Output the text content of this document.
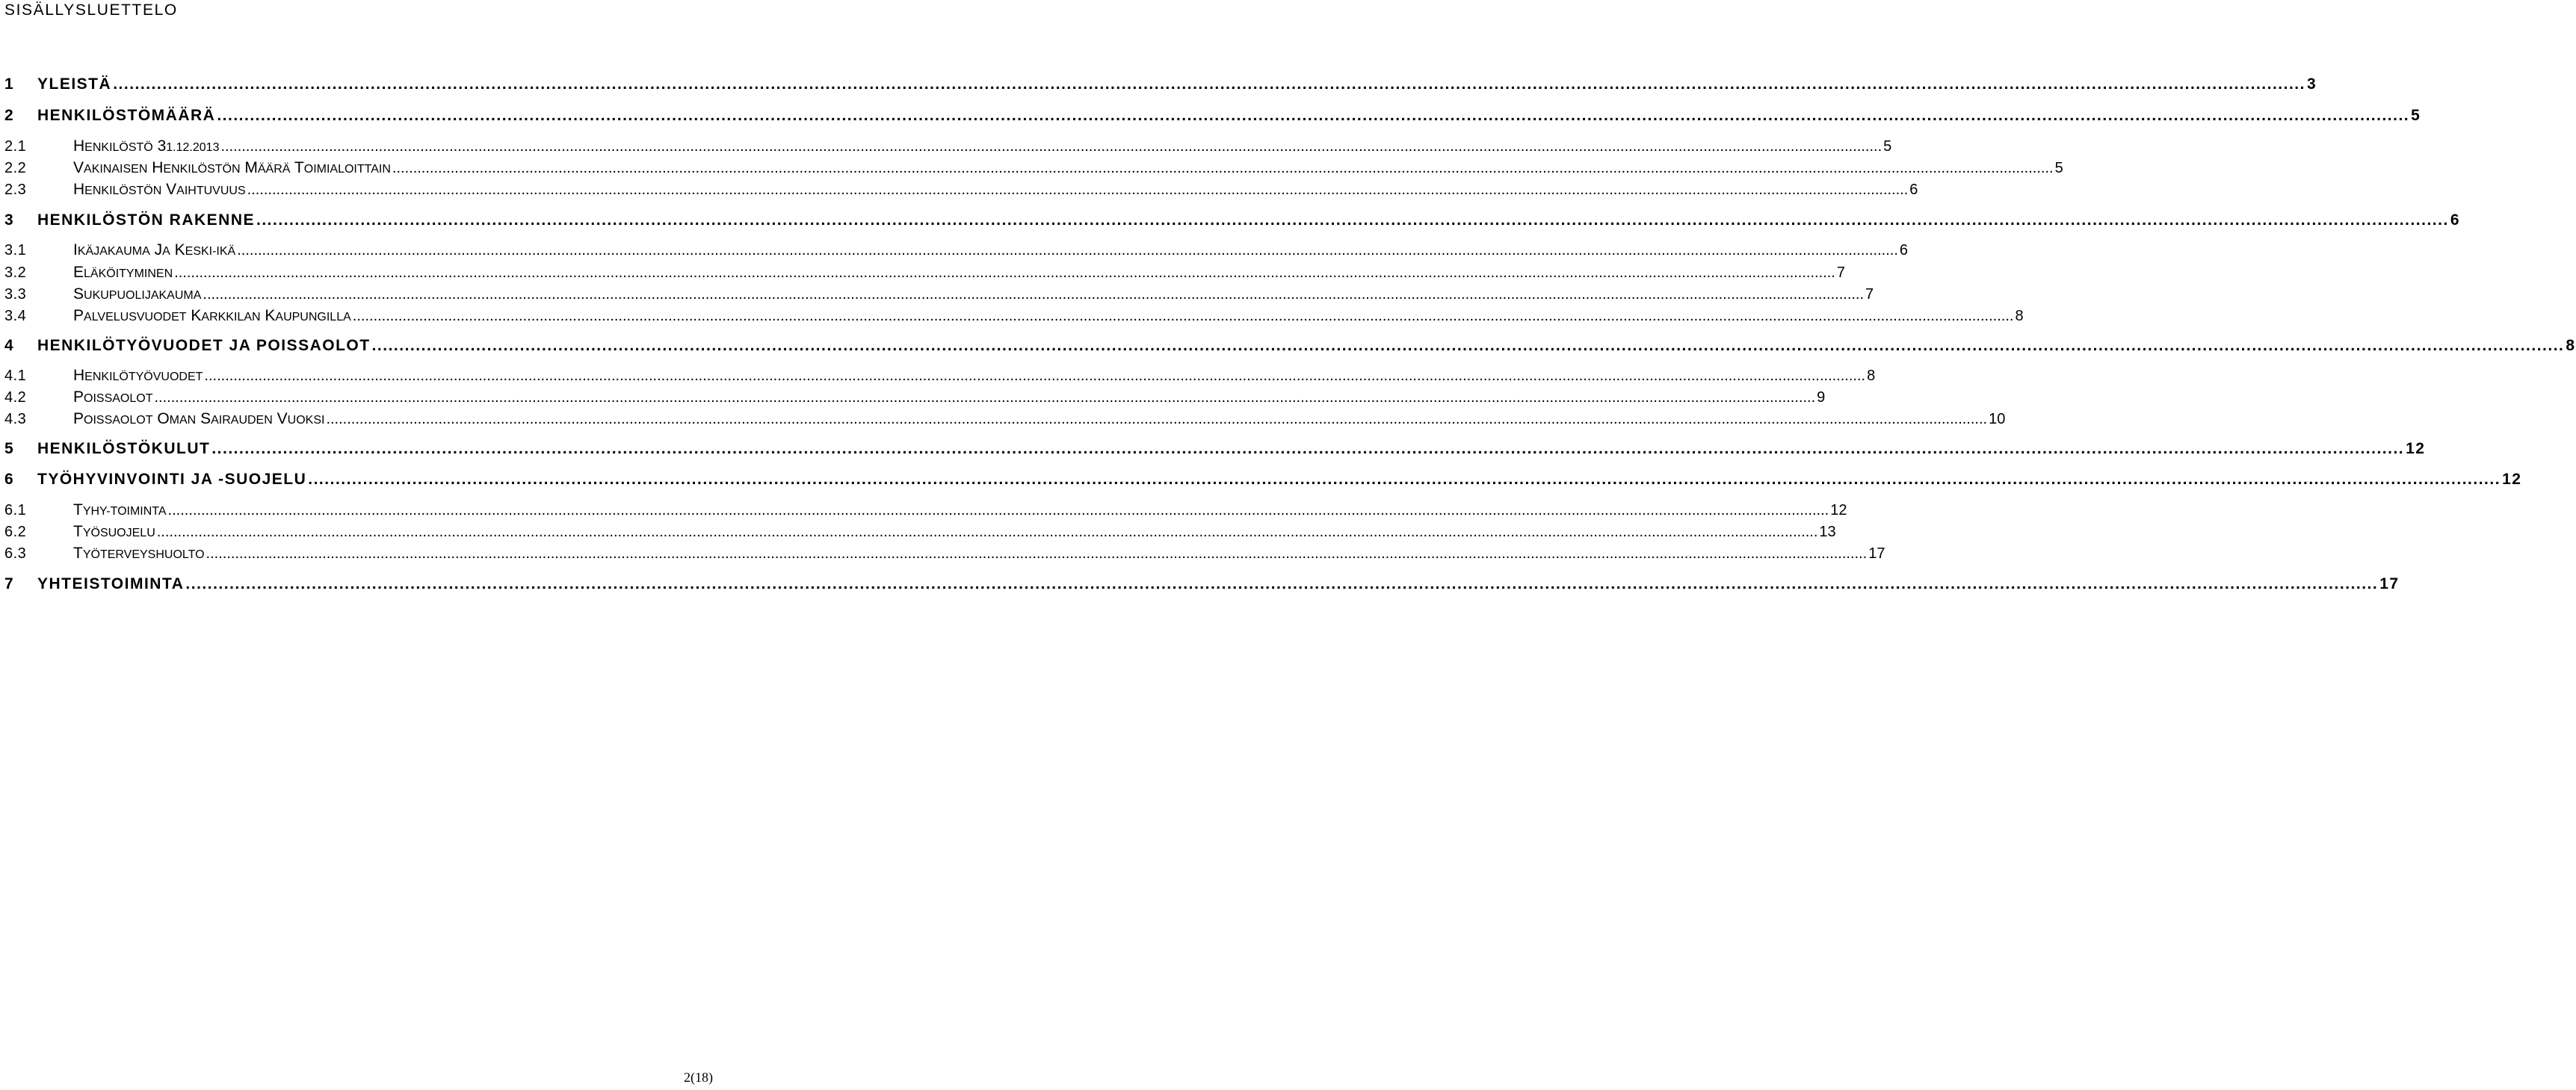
SISÄLLYSLUETTELO
1	YLEISTÄ ................................................................................................................................................................................................................................................................................................................................................................................................................ 3
2	HENKILÖSTÖMÄÄRÄ ................................................................................................................................................................................................................................................................................................................................................................................................................ 5
2.1	HENKILÖSTÖ 31.12.2013 ................................................................................................................................................................................................................................................................................................................................................................................................................ 5
2.2	VAKINAISEN HENKILÖSTÖN MÄÄRÄ TOIMIALOITTAIN ................................................................................................................................................................................................................................................................................................................................................................................................................ 5
2.3	HENKILÖSTÖN VAIHTUVUUS ................................................................................................................................................................................................................................................................................................................................................................................................................ 6
3	HENKILÖSTÖN RAKENNE ................................................................................................................................................................................................................................................................................................................................................................................................................ 6
3.1	IKÄJAKAUMA JA KESKI-IKÄ ................................................................................................................................................................................................................................................................................................................................................................................................................ 6
3.2	ELÄKÖITYMINEN ................................................................................................................................................................................................................................................................................................................................................................................................................ 7
3.3	SUKUPUOLIJAKAUMA ................................................................................................................................................................................................................................................................................................................................................................................................................ 7
3.4	PALVELUSVUODET KARKKILAN KAUPUNGILLA ................................................................................................................................................................................................................................................................................................................................................................................................................ 8
4	HENKILÖTYÖVUODET JA POISSAOLOT ................................................................................................................................................................................................................................................................................................................................................................................................................ 8
4.1	HENKILÖTYÖVUODET ................................................................................................................................................................................................................................................................................................................................................................................................................ 8
4.2	POISSAOLOT ................................................................................................................................................................................................................................................................................................................................................................................................................ 9
4.3	POISSAOLOT OMAN SAIRAUDEN VUOKSI ................................................................................................................................................................................................................................................................................................................................................................................................................ 10
5	HENKILÖSTÖKULUT ................................................................................................................................................................................................................................................................................................................................................................................................................ 12
6	TYÖHYVINVOINTI JA -SUOJELU ................................................................................................................................................................................................................................................................................................................................................................................................................ 12
6.1	TYHY-TOIMINTA ................................................................................................................................................................................................................................................................................................................................................................................................................ 12
6.2	TYÖSUOJELU ................................................................................................................................................................................................................................................................................................................................................................................................................ 13
6.3	TYÖTERVEYSHUOLTO ................................................................................................................................................................................................................................................................................................................................................................................................................ 17
7	YHTEISTOIMINTA ................................................................................................................................................................................................................................................................................................................................................................................................................ 17
2(18)
